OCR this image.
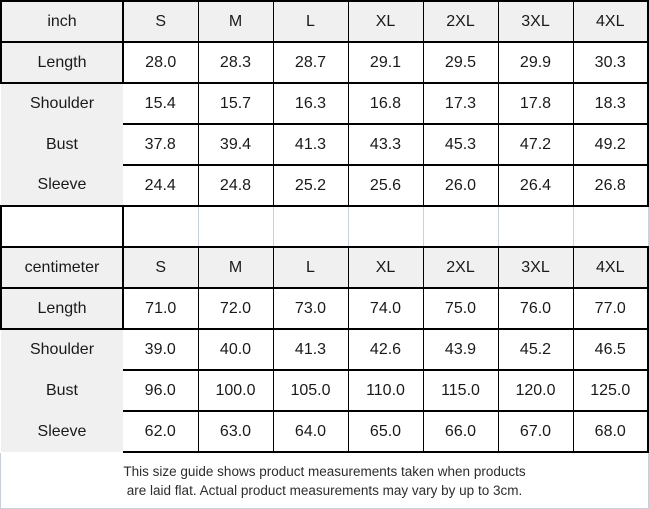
inch	S	M	L	XL	2XL	3XL	4XL
Length	28.0	28.3	28.7	29.1	29.5	29.9	30.3
Shoulder	15.4	15.7	16.3	16.8	17.3	17.8	18.3
Bust	37.8	39.4	41.3	43.3	45.3	47.2	49.2
Sleeve	24.4	24.8	25.2	25.6	26.0	26.4	26.8

centimeter	S	M	L	XL	2XL	3XL	4XL
Length	71.0	72.0	73.0	74.0	75.0	76.0	77.0
Shoulder	39.0	40.0	41.3	42.6	43.9	45.2	46.5
Bust	96.0	100.0	105.0	110.0	115.0	120.0	125.0
Sleeve	62.0	63.0	64.0	65.0	66.0	67.0	68.0
This size guide shows product measurements taken when products
are laid flat. Actual product measurements may vary by up to 3cm.
